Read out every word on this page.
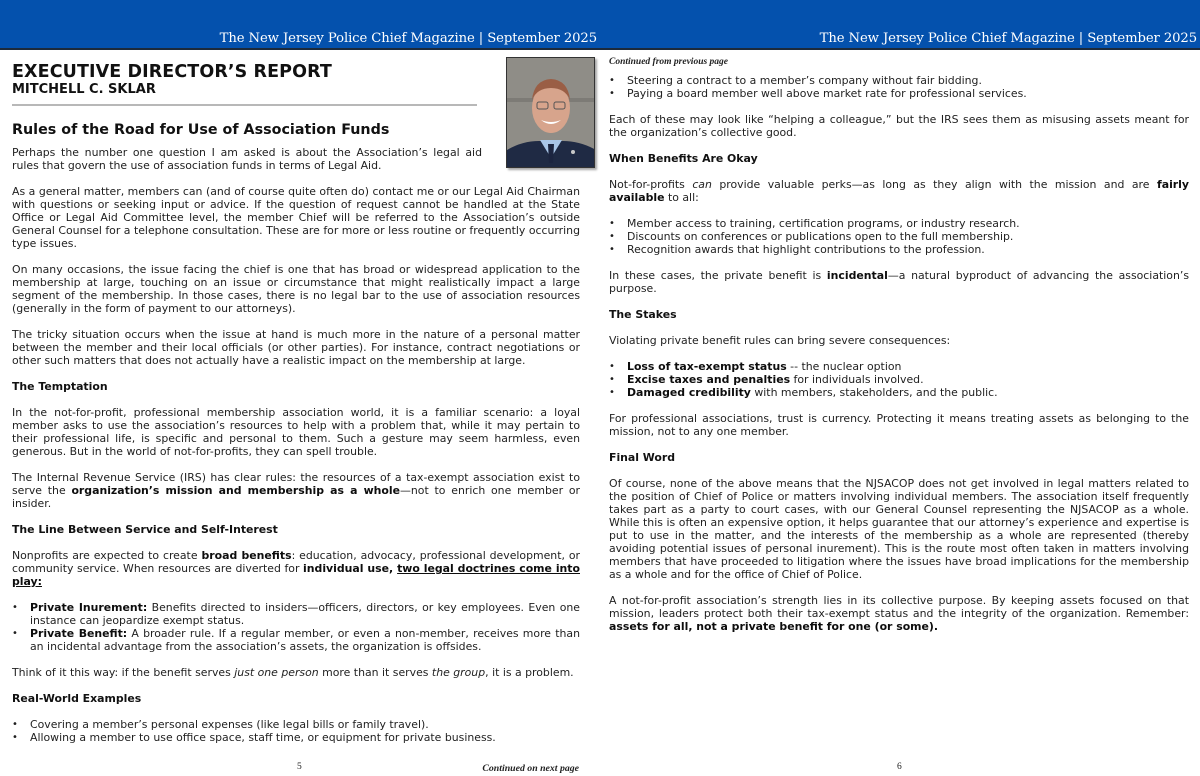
The New Jersey Police Chief Magazine | September 2025	The New Jersey Police Chief Magazine | September 2025
EXECUTIVE DIRECTOR’S REPORT
MITCHELL C. SKLAR
Rules of the Road for Use of Association Funds

Perhaps the number one question I am asked is about the Association’s legal aid rules that govern the use of association funds in terms of Legal Aid.

As a general matter, members can (and of course quite often do) contact me or our Legal Aid Chairman with questions or seeking input or advice. If the question of request cannot be handled at the State Office or Legal Aid Committee level, the member Chief will be referred to the Association’s outside General Counsel for a telephone consultation. These are for more or less routine or frequently occurring type issues.

On many occasions, the issue facing the chief is one that has broad or widespread application to the membership at large, touching on an issue or circumstance that might realistically impact a large segment of the membership. In those cases, there is no legal bar to the use of association resources (generally in the form of payment to our attorneys).

The tricky situation occurs when the issue at hand is much more in the nature of a personal matter between the member and their local officials (or other parties). For instance, contract negotiations or other such matters that does not actually have a realistic impact on the membership at large.

The Temptation

In the not-for-profit, professional membership association world, it is a familiar scenario: a loyal member asks to use the association’s resources to help with a problem that, while it may pertain to their professional life, is specific and personal to them. Such a gesture may seem harmless, even generous. But in the world of not-for-profits, they can spell trouble.

The Internal Revenue Service (IRS) has clear rules: the resources of a tax-exempt association exist to serve the organization’s mission and membership as a whole—not to enrich one member or insider.

The Line Between Service and Self-Interest

Nonprofits are expected to create broad benefits: education, advocacy, professional development, or community service. When resources are diverted for individual use, two legal doctrines come into play:

• Private Inurement: Benefits directed to insiders—officers, directors, or key employees. Even one instance can jeopardize exempt status.
• Private Benefit: A broader rule. If a regular member, or even a non-member, receives more than an incidental advantage from the association’s assets, the organization is offsides.

Think of it this way: if the benefit serves just one person more than it serves the group, it is a problem.

Real-World Examples
• Covering a member’s personal expenses (like legal bills or family travel).
• Allowing a member to use office space, staff time, or equipment for private business.
5	Continued on next page
Continued from previous page
• Steering a contract to a member’s company without fair bidding.
• Paying a board member well above market rate for professional services.

Each of these may look like “helping a colleague,” but the IRS sees them as misusing assets meant for the organization’s collective good.

When Benefits Are Okay

Not-for-profits can provide valuable perks—as long as they align with the mission and are fairly available to all:

• Member access to training, certification programs, or industry research.
• Discounts on conferences or publications open to the full membership.
• Recognition awards that highlight contributions to the profession.

In these cases, the private benefit is incidental—a natural byproduct of advancing the association’s purpose.

The Stakes

Violating private benefit rules can bring severe consequences:

• Loss of tax-exempt status -- the nuclear option
• Excise taxes and penalties for individuals involved.
• Damaged credibility with members, stakeholders, and the public.

For professional associations, trust is currency. Protecting it means treating assets as belonging to the mission, not to any one member.

Final Word

Of course, none of the above means that the NJSACOP does not get involved in legal matters related to the position of Chief of Police or matters involving individual members. The association itself frequently takes part as a party to court cases, with our General Counsel representing the NJSACOP as a whole. While this is often an expensive option, it helps guarantee that our attorney’s experience and expertise is put to use in the matter, and the interests of the membership as a whole are represented (thereby avoiding potential issues of personal inurement). This is the route most often taken in matters involving members that have proceeded to litigation where the issues have broad implications for the membership as a whole and for the office of Chief of Police.

A not-for-profit association’s strength lies in its collective purpose. By keeping assets focused on that mission, leaders protect both their tax-exempt status and the integrity of the organization. Remember: assets for all, not a private benefit for one (or some).

6
